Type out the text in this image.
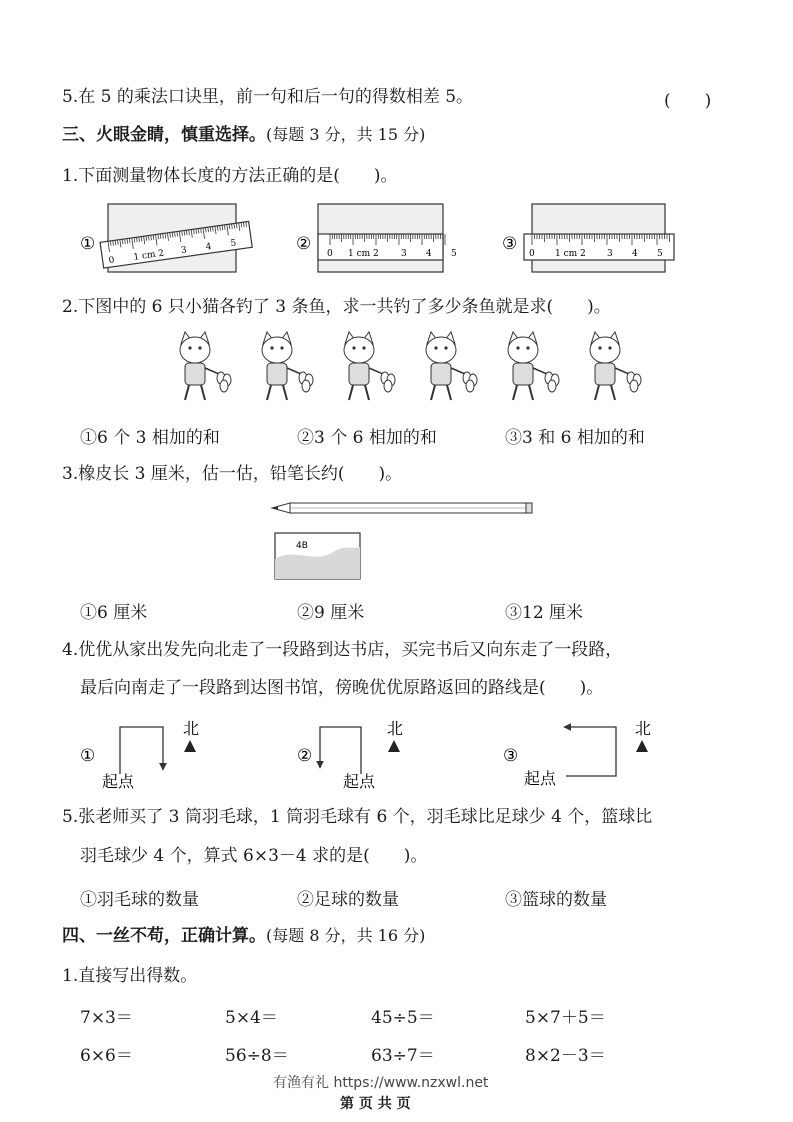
5.在 5 的乘法口诀里，前一句和后一句的得数相差 5。	(　　)
三、火眼金睛，慎重选择。(每题 3 分，共 15 分)
1.下面测量物体长度的方法正确的是(　　)。
①
0 1 cm 2 3 4 5	② 0 1 cm 2 3 4 5	③ 0 1 cm 2 3 4 5
2.下图中的 6 只小猫各钓了 3 条鱼，求一共钓了多少条鱼就是求(　　)。
①6 个 3 相加的和	②3 个 6 相加的和	③3 和 6 相加的和
3.橡皮长 3 厘米，估一估，铅笔长约(　　)。
4B
①6 厘米	②9 厘米	③12 厘米
4.优优从家出发先向北走了一段路到达书店，买完书后又向东走了一段路，
最后向南走了一段路到达图书馆，傍晚优优原路返回的路线是(　　)。
①
起点
北
②
起点
北
③
起点
北
5.张老师买了 3 筒羽毛球，1 筒羽毛球有 6 个，羽毛球比足球少 4 个，篮球比
羽毛球少 4 个，算式 6×3－4 求的是(　　)。
①羽毛球的数量	②足球的数量	③篮球的数量
四、一丝不苟，正确计算。(每题 8 分，共 16 分)
1.直接写出得数。
7×3＝	5×4＝	45÷5＝	5×7＋5＝
6×6＝	56÷8＝	63÷7＝	8×2－3＝
有渔有礼 https://www.nzxwl.net
第 页 共 页
